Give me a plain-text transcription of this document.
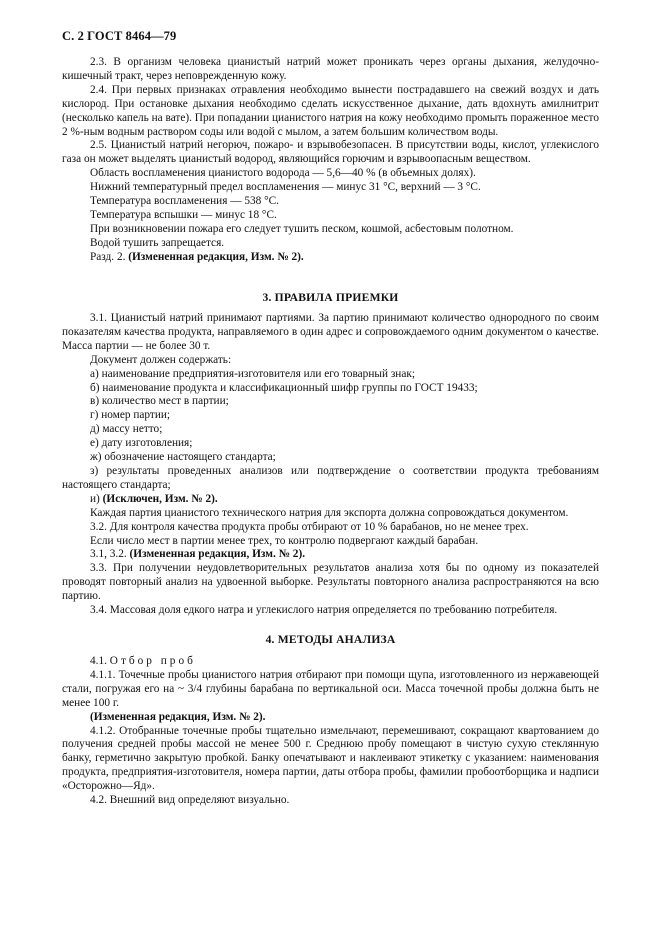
С. 2 ГОСТ 8464—79

2.3. В организм человека цианистый натрий может проникать через органы дыхания, желудочно-кишечный тракт, через неповрежденную кожу.

2.4. При первых признаках отравления необходимо вынести пострадавшего на свежий воздух и дать кислород. При остановке дыхания необходимо сделать искусственное дыхание, дать вдохнуть амилнитрит (несколько капель на вате). При попадании цианистого натрия на кожу необходимо промыть пораженное место 2 %-ным водным раствором соды или водой с мылом, а затем большим количеством воды.

2.5. Цианистый натрий негорюч, пожаро- и взрывобезопасен. В присутствии воды, кислот, углекислого газа он может выделять цианистый водород, являющийся горючим и взрывоопасным веществом.

Область воспламенения цианистого водорода — 5,6—40 % (в объемных долях).

Нижний температурный предел воспламенения — минус 31 °С, верхний — 3 °С.

Температура воспламенения — 538 °С.

Температура вспышки — минус 18 °С.

При возникновении пожара его следует тушить песком, кошмой, асбестовым полотном.

Водой тушить запрещается.

Разд. 2. (Измененная редакция, Изм. № 2).

3. ПРАВИЛА ПРИЕМКИ

3.1. Цианистый натрий принимают партиями. За партию принимают количество однородного по своим показателям качества продукта, направляемого в один адрес и сопровождаемого одним документом о качестве. Масса партии — не более 30 т.

Документ должен содержать:

а) наименование предприятия-изготовителя или его товарный знак;

б) наименование продукта и классификационный шифр группы по ГОСТ 19433;

в) количество мест в партии;

г) номер партии;

д) массу нетто;

е) дату изготовления;

ж) обозначение настоящего стандарта;

з) результаты проведенных анализов или подтверждение о соответствии продукта требованиям настоящего стандарта;

и) (Исключен, Изм. № 2).

Каждая партия цианистого технического натрия для экспорта должна сопровождаться документом.

3.2. Для контроля качества продукта пробы отбирают от 10 % барабанов, но не менее трех.

Если число мест в партии менее трех, то контролю подвергают каждый барабан.

3.1, 3.2. (Измененная редакция, Изм. № 2).

3.3. При получении неудовлетворительных результатов анализа хотя бы по одному из показателей проводят повторный анализ на удвоенной выборке. Результаты повторного анализа распространяются на всю партию.

3.4. Массовая доля едкого натра и углекислого натрия определяется по требованию потребителя.

4. МЕТОДЫ АНАЛИЗА

4.1. Отбор проб

4.1.1. Точечные пробы цианистого натрия отбирают при помощи щупа, изготовленного из нержавеющей стали, погружая его на ~ 3/4 глубины барабана по вертикальной оси. Масса точечной пробы должна быть не менее 100 г.

(Измененная редакция, Изм. № 2).

4.1.2. Отобранные точечные пробы тщательно измельчают, перемешивают, сокращают квартованием до получения средней пробы массой не менее 500 г. Среднюю пробу помещают в чистую сухую стеклянную банку, герметично закрытую пробкой. Банку опечатывают и наклеивают этикетку с указанием: наименования продукта, предприятия-изготовителя, номера партии, даты отбора пробы, фамилии пробоотборщика и надписи «Осторожно—Яд».

4.2. Внешний вид определяют визуально.
